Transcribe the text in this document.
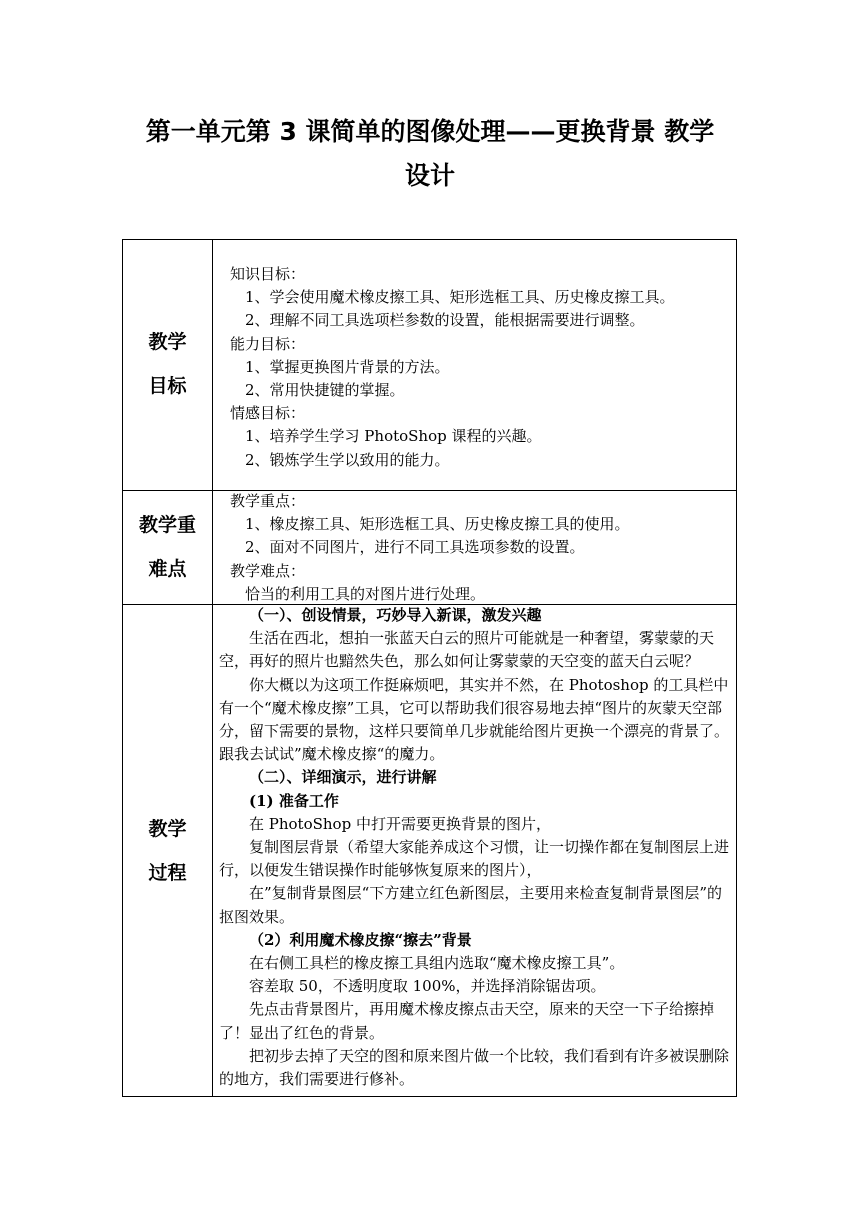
第一单元第 3 课简单的图像处理——更换背景 教学
设计
教学
目标

知识目标：

1、学会使用魔术橡皮擦工具、矩形选框工具、历史橡皮擦工具。

2、理解不同工具选项栏参数的设置，能根据需要进行调整。

能力目标：

1、掌握更换图片背景的方法。

2、常用快捷键的掌握。

情感目标：

1、培养学生学习 PhotoShop 课程的兴趣。

2、锻炼学生学以致用的能力。

教学重
难点

教学重点：

1、橡皮擦工具、矩形选框工具、历史橡皮擦工具的使用。

2、面对不同图片，进行不同工具选项参数的设置。

教学难点：

恰当的利用工具的对图片进行处理。

教学
过程

（一）、创设情景，巧妙导入新课，激发兴趣

生活在西北，想拍一张蓝天白云的照片可能就是一种奢望，雾蒙蒙的天空，再好的照片也黯然失色，那么如何让雾蒙蒙的天空变的蓝天白云呢？

你大概以为这项工作挺麻烦吧，其实并不然，在 Photoshop 的工具栏中有一个“魔术橡皮擦”工具，它可以帮助我们很容易地去掉“图片的灰蒙天空部分，留下需要的景物，这样只要简单几步就能给图片更换一个漂亮的背景了。跟我去试试”魔术橡皮擦“的魔力。

（二）、详细演示，进行讲解

(1) 准备工作

在 PhotoShop 中打开需要更换背景的图片，

复制图层背景（希望大家能养成这个习惯，让一切操作都在复制图层上进行，以便发生错误操作时能够恢复原来的图片），

在”复制背景图层“下方建立红色新图层，主要用来检查复制背景图层”的抠图效果。

（2）利用魔术橡皮擦“擦去”背景

在右侧工具栏的橡皮擦工具组内选取“魔术橡皮擦工具”。

容差取 50，不透明度取 100%，并选择消除锯齿项。

先点击背景图片，再用魔术橡皮擦点击天空，原来的天空一下子给擦掉了！显出了红色的背景。

把初步去掉了天空的图和原来图片做一个比较，我们看到有许多被误删除的地方，我们需要进行修补。
